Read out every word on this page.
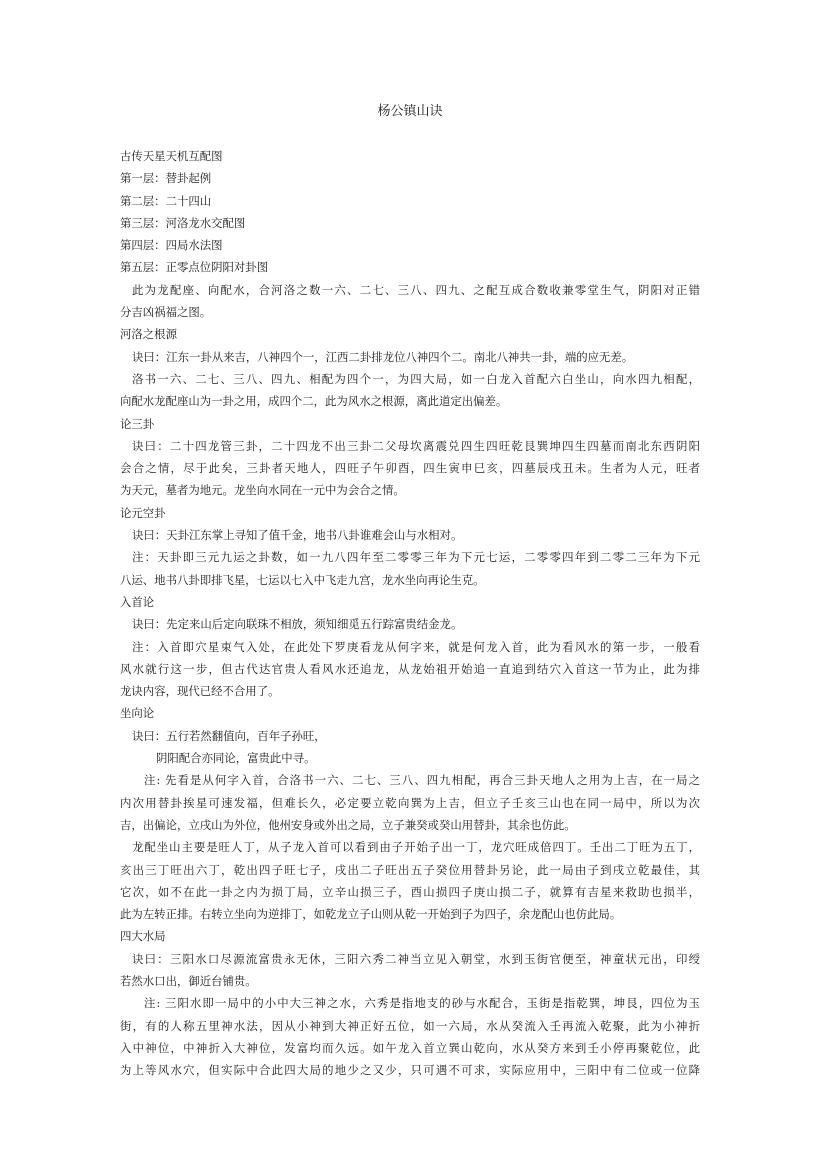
杨公镇山诀
古传天星天机互配图
第一层：替卦起例
第二层：二十四山
第三层：河洛龙水交配图
第四层：四局水法图
第五层：正零点位阴阳对卦图
此为龙配座、向配水，合河洛之数一六、二七、三八、四九、之配互成合数收兼零堂生气，阴阳对正错
分吉凶祸福之图。
河洛之根源
诀曰：江东一卦从来吉，八神四个一，江西二卦排龙位八神四个二。南北八神共一卦，端的应无差。
洛书一六、二七、三八、四九、相配为四个一，为四大局，如一白龙入首配六白坐山，向水四九相配，
向配水龙配座山为一卦之用，成四个二，此为风水之根源，离此道定出偏差。
论三卦
诀曰：二十四龙管三卦，二十四龙不出三卦二父母坎离震兑四生四旺乾艮巽坤四生四墓而南北东西阴阳
会合之情，尽于此矣，三卦者天地人，四旺子午卯酉，四生寅申巳亥，四墓辰戌丑未。生者为人元，旺者
为天元，墓者为地元。龙坐向水同在一元中为会合之情。
论元空卦
诀曰：天卦江东掌上寻知了值千金，地书八卦谁难会山与水相对。
注：天卦即三元九运之卦数，如一九八四年至二零零三年为下元七运，二零零四年到二零二三年为下元
八运、地书八卦即排飞星，七运以七入中飞走九宫，龙水坐向再论生克。
入首论
诀曰：先定来山后定向联珠不相放，须知细觅五行踪富贵结金龙。
注：入首即穴星束气入处，在此处下罗庚看龙从何字来，就是何龙入首，此为看风水的第一步，一般看
风水就行这一步，但古代达官贵人看风水还追龙，从龙始祖开始追一直追到结穴入首这一节为止，此为排
龙诀内容，现代已经不合用了。
坐向论
诀曰：五行若然翻值向，百年子孙旺，
阴阳配合亦同论，富贵此中寻。
注: 先看是从何字入首，合洛书一六、二七、三八、四九相配，再合三卦天地人之用为上吉，在一局之
内次用替卦挨星可速发福，但难长久，必定要立乾向巽为上吉，但立子壬亥三山也在同一局中，所以为次
吉，出偏论，立戌山为外位，他州安身或外出之局，立子兼癸或癸山用替卦，其余也仿此。
龙配坐山主要是旺人丁，从子龙入首可以看到由子开始子出一丁，龙穴旺成倍四丁。壬出二丁旺为五丁，
亥出三丁旺出六丁，乾出四子旺七子，戌出二子旺出五子癸位用替卦另论，此一局由子到戌立乾最佳，其
它次，如不在此一卦之内为损丁局，立辛山损三子，酉山损四子庚山损二子，就算有吉星来救助也损半，
此为左转正排。右转立坐向为逆排丁，如乾龙立子山则从乾一开始到子为四子，余龙配山也仿此局。
四大水局
诀曰：三阳水口尽源流富贵永无休，三阳六秀二神当立见入朝堂，水到玉街官便至，神童状元出，印绶
若然水口出，御近台铺贵。
注: 三阳水即一局中的小中大三神之水，六秀是指地支的砂与水配合，玉街是指乾巽，坤艮，四位为玉
街，有的人称五里神水法，因从小神到大神正好五位，如一六局，水从癸流入壬再流入乾聚，此为小神折
入中神位，中神折入大神位，发富均而久远。如午龙入首立巽山乾向，水从癸方来到壬小停再聚乾位，此
为上等风水穴，但实际中合此四大局的地少之又少，只可遇不可求，实际应用中，三阳中有二位或一位降
